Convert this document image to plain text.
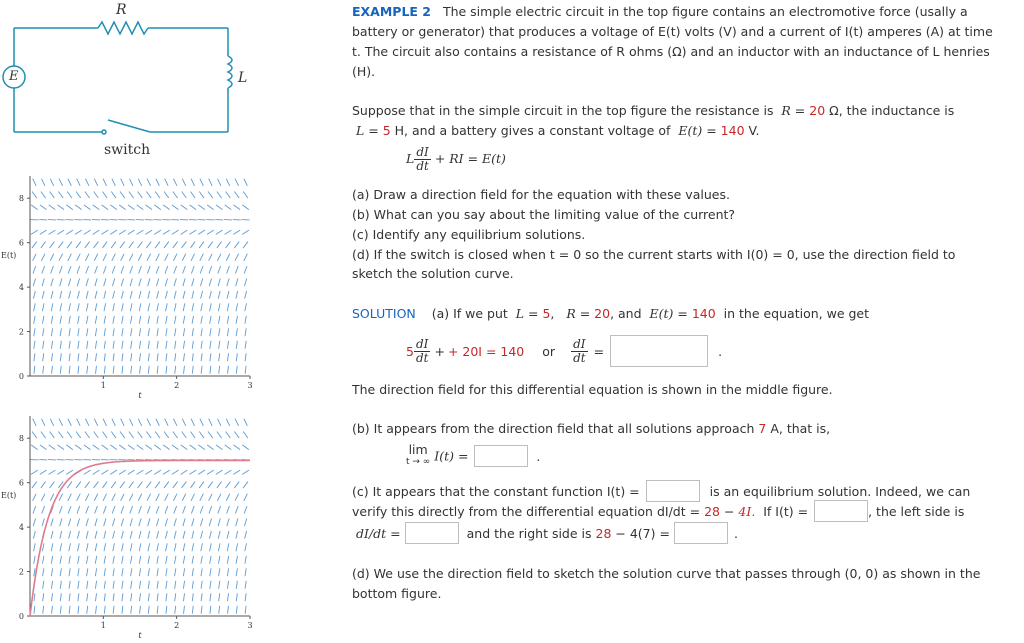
R
L
E
switch
0
2
4
6
8
1	2	3
E(t)
t
0
2
4
6
8
1	2	3
E(t)
t
EXAMPLE 2 The simple electric circuit in the top figure contains an electromotive force (usally a
battery or generator) that produces a voltage of E(t) volts (V) and a current of I(t) amperes (A) at time
t. The circuit also contains a resistance of R ohms (Ω) and an inductor with an inductance of L henries
(H).
Suppose that in the simple circuit in the top figure the resistance is R = 20 Ω, the inductance is
L = 5 H, and a battery gives a constant voltage of E(t) = 140 V.
L $\frac{dI}{dt}$ + RI = E(t)
(a) Draw a direction field for the equation with these values.
(b) What can you say about the limiting value of the current?
(c) Identify any equilibrium solutions.
(d) If the switch is closed when t = 0 so the current starts with I(0) = 0, use the direction field to
sketch the solution curve.
SOLUTION (a) If we put L = 5,   R = 20, and E(t) = 140 in the equation, we get
$5 \frac{dI}{dt}$
+ + 20I = 140 or $\frac{dI}{dt}$ =	.
The direction field for this differential equation is shown in the middle figure.
(b) It appears from the direction field that all solutions approach 7 A, that is,
lim
t → ∞ I(t) =	.
(c) It appears that the constant function I(t) =	is an equilibrium solution. Indeed, we can
verify this directly from the differential equation dI/dt =
28
−
4I.
If I(t) =	, the left side is
dI/dt =	and the right side is
28
− 4(7) =	.
(d) We use the direction field to sketch the solution curve that passes through (0, 0) as shown in the
bottom figure.
